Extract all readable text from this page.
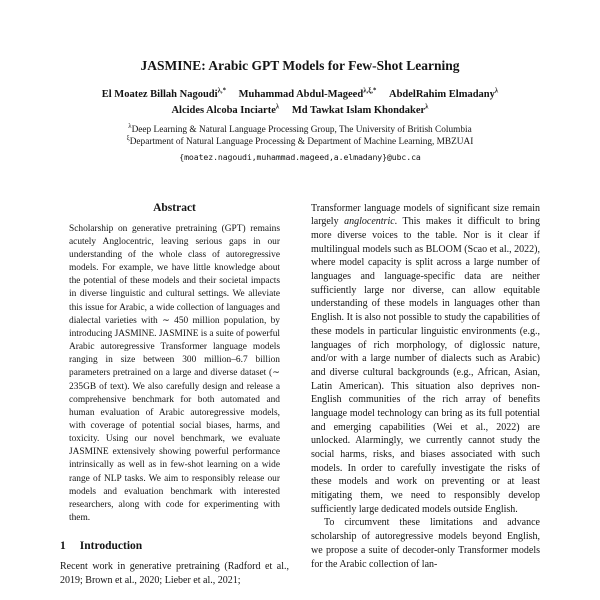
JASMINE: Arabic GPT Models for Few-Shot Learning
El Moatez Billah Nagoudi$^{\lambda,*}$ Muhammad Abdul-Mageed$^{\lambda,\xi,*}$ AbdelRahim Elmadany$^\lambda$
Alcides Alcoba Inciarte$^\lambda$ Md Tawkat Islam Khondaker$^\lambda$

$^\lambda$Deep Learning & Natural Language Processing Group, The University of British Columbia

$^\xi$Department of Natural Language Processing & Department of Machine Learning, MBZUAI

{moatez.nagoudi,muhammad.mageed,a.elmadany}@ubc.ca
Abstract

Scholarship on generative pretraining (GPT) remains acutely Anglocentric, leaving serious gaps in our understanding of the whole class of autoregressive models. For example, we have little knowledge about the potential of these models and their societal impacts in diverse linguistic and cultural settings. We alleviate this issue for Arabic, a wide collection of languages and dialectal varieties with ∼ 450 million population, by introducing JASMINE. JASMINE is a suite of powerful Arabic autoregressive Transformer language models ranging in size between 300 million–6.7 billion parameters pretrained on a large and diverse dataset (∼ 235GB of text). We also carefully design and release a comprehensive benchmark for both automated and human evaluation of Arabic autoregressive models, with coverage of potential social biases, harms, and toxicity. Using our novel benchmark, we evaluate JASMINE extensively showing powerful performance intrinsically as well as in few-shot learning on a wide range of NLP tasks. We aim to responsibly release our models and evaluation benchmark with interested researchers, along with code for experimenting with them.

1 Introduction

Recent work in generative pretraining (Radford et al., 2019; Brown et al., 2020; Lieber et al., 2021;

Transformer language models of significant size remain largely anglocentric. This makes it difficult to bring more diverse voices to the table. Nor is it clear if multilingual models such as BLOOM (Scao et al., 2022), where model capacity is split across a large number of languages and language-specific data are neither sufficiently large nor diverse, can allow equitable understanding of these models in languages other than English. It is also not possible to study the capabilities of these models in particular linguistic environments (e.g., languages of rich morphology, of diglossic nature, and/or with a large number of dialects such as Arabic) and diverse cultural backgrounds (e.g., African, Asian, Latin American). This situation also deprives non-English communities of the rich array of benefits language model technology can bring as its full potential and emerging capabilities (Wei et al., 2022) are unlocked. Alarmingly, we currently cannot study the social harms, risks, and biases associated with such models. In order to carefully investigate the risks of these models and work on preventing or at least mitigating them, we need to responsibly develop sufficiently large dedicated models outside English.

To circumvent these limitations and advance scholarship of autoregressive models beyond English, we propose a suite of decoder-only Transformer models for the Arabic collection of lan-
